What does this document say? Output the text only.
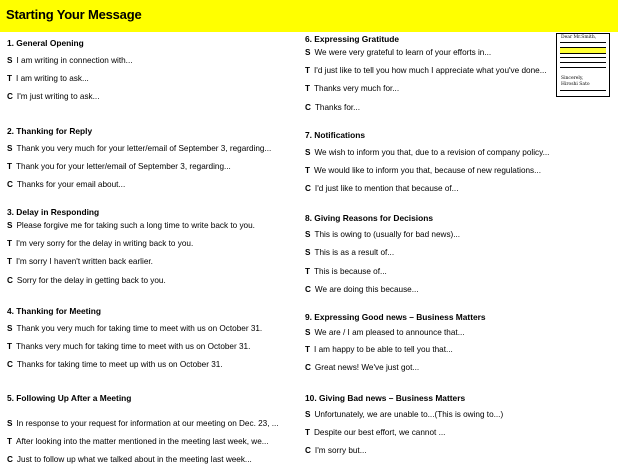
Starting Your Message
Dear Mr.Smith,
Sincerely,
Hiroshi Sato
1. General Opening
S I am writing in connection with...
T I am writing to ask...
C I'm just writing to ask...
2. Thanking for Reply
S Thank you very much for your letter/email of September 3, regarding...
T Thank you for your letter/email of September 3, regarding...
C Thanks for your email about...
3. Delay in Responding
S Please forgive me for taking such a long time to write back to you.
T I'm very sorry for the delay in writing back to you.
T I'm sorry I haven't written back earlier.
C Sorry for the delay in getting back to you.
4. Thanking for Meeting
S Thank you very much for taking time to meet with us on October 31.
T Thanks very much for taking time to meet with us on October 31.
C Thanks for taking time to meet up with us on October 31.
5. Following Up After a Meeting
S In response to your request for information at our meeting on Dec. 23, ...
T After looking into the matter mentioned in the meeting last week, we...
C Just to follow up what we talked about in the meeting last week...
6. Expressing Gratitude
S We were very grateful to learn of your efforts in...
T I'd just like to tell you how much I appreciate what you've done...
T Thanks very much for...
C Thanks for...
7. Notifications
S We wish to inform you that, due to a revision of company policy...
T We would like to inform you that, because of new regulations...
C I'd just like to mention that because of...
8. Giving Reasons for Decisions
S This is owing to (usually for bad news)...
S This is as a result of...
T This is because of...
C We are doing this because...
9. Expressing Good news – Business Matters
S We are / I am pleased to announce that...
T I am happy to be able to tell you that...
C Great news! We've just got...
10. Giving Bad news – Business Matters
S Unfortunately, we are unable to...(This is owing to...)
T Despite our best effort, we cannot ...
C I'm sorry but...
